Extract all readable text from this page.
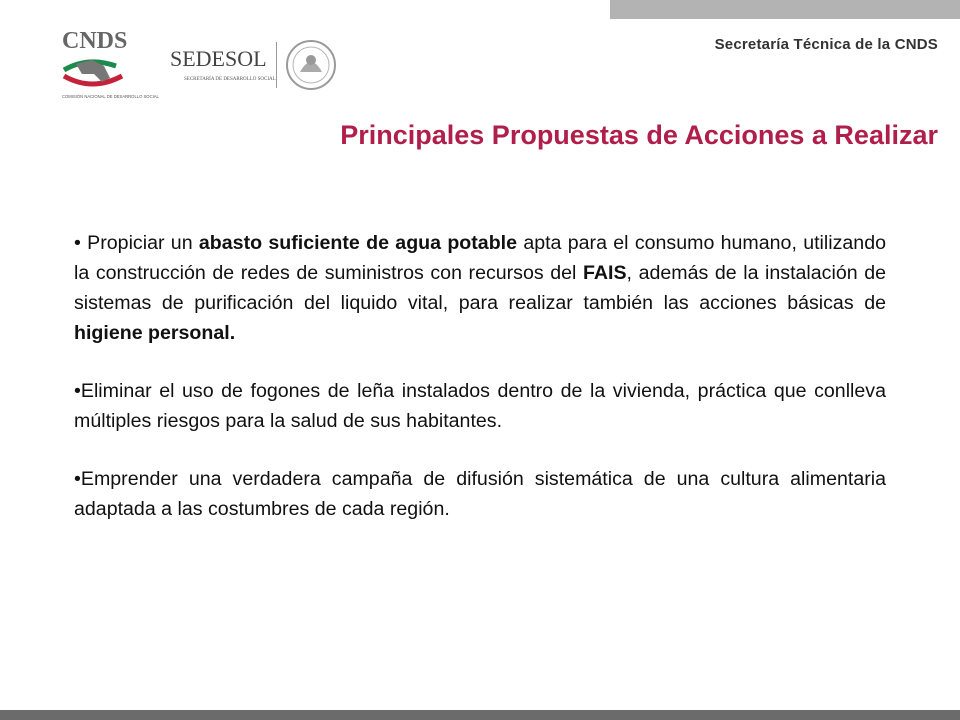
CNDS
COMISIÓN NACIONAL DE DESARROLLO SOCIAL
SEDESOL
SECRETARÍA DE DESARROLLO SOCIAL
Secretaría Técnica de la CNDS
Principales Propuestas de Acciones a Realizar

• Propiciar un abasto suficiente de agua potable apta para el consumo humano, utilizando la construcción de redes de suministros con recursos del FAIS, además de la instalación de sistemas de purificación del liquido vital, para realizar también las acciones básicas de higiene personal.

•Eliminar el uso de fogones de leña instalados dentro de la vivienda, práctica que conlleva múltiples riesgos para la salud de sus habitantes.

•Emprender una verdadera campaña de difusión sistemática de una cultura alimentaria adaptada a las costumbres de cada región.
